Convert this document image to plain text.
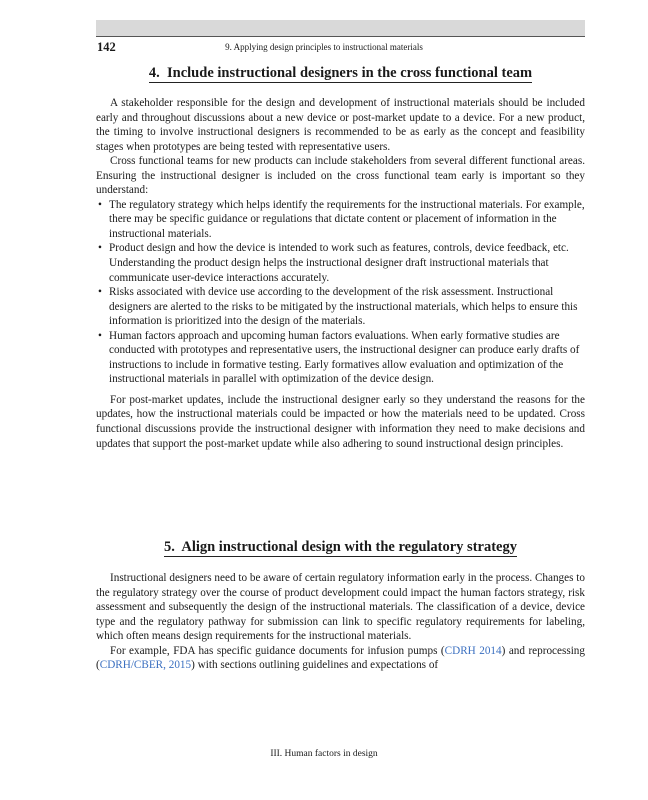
142	9. Applying design principles to instructional materials
4. Include instructional designers in the cross functional team

A stakeholder responsible for the design and development of instructional materials should be included early and throughout discussions about a new device or post-market update to a device. For a new product, the timing to involve instructional designers is recommended to be as early as the concept and feasibility stages when prototypes are being tested with representative users.

Cross functional teams for new products can include stakeholders from several different functional areas. Ensuring the instructional designer is included on the cross functional team early is important so they understand:

• The regulatory strategy which helps identify the requirements for the instructional materials. For example, there may be specific guidance or regulations that dictate content or placement of information in the instructional materials.
• Product design and how the device is intended to work such as features, controls, device feedback, etc. Understanding the product design helps the instructional designer draft instructional materials that communicate user-device interactions accurately.
• Risks associated with device use according to the development of the risk assessment. Instructional designers are alerted to the risks to be mitigated by the instructional materials, which helps to ensure this information is prioritized into the design of the materials.
• Human factors approach and upcoming human factors evaluations. When early formative studies are conducted with prototypes and representative users, the instructional designer can produce early drafts of instructions to include in formative testing. Early formatives allow evaluation and optimization of the instructional materials in parallel with optimization of the device design.

For post-market updates, include the instructional designer early so they understand the reasons for the updates, how the instructional materials could be impacted or how the materials need to be updated. Cross functional discussions provide the instructional designer with information they need to make decisions and updates that support the post-market update while also adhering to sound instructional design principles.

5. Align instructional design with the regulatory strategy

Instructional designers need to be aware of certain regulatory information early in the process. Changes to the regulatory strategy over the course of product development could impact the human factors strategy, risk assessment and subsequently the design of the instructional materials. The classification of a device, device type and the regulatory pathway for submission can link to specific regulatory requirements for labeling, which often means design requirements for the instructional materials.

For example, FDA has specific guidance documents for infusion pumps (CDRH 2014) and reprocessing (CDRH/CBER, 2015) with sections outlining guidelines and expectations of

III. Human factors in design
